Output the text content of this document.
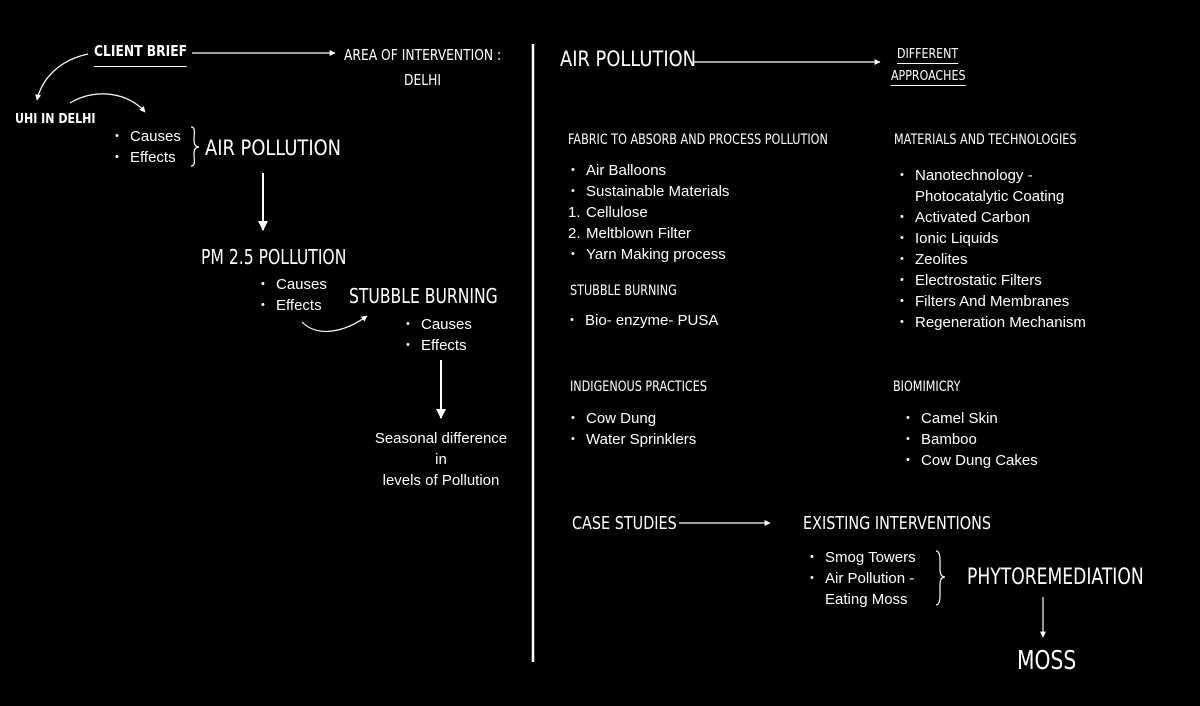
CLIENT BRIEF	AREA OF INTERVENTION :
DELHI
UHI IN DELHI
• Causes
• Effects AIR POLLUTION
PM 2.5 POLLUTION
• Causes
• Effects STUBBLE BURNING
• Causes
• Effects
Seasonal difference
in
levels of Pollution
AIR POLLUTION	DIFFERENT
APPROACHES
FABRIC TO ABSORB AND PROCESS POLLUTION
• Air Balloons
• Sustainable Materials
1. Cellulose
2. Meltblown Filter
• Yarn Making process
STUBBLE BURNING
• Bio- enzyme- PUSA
MATERIALS AND TECHNOLOGIES
• Nanotechnology -
Photocatalytic Coating
• Activated Carbon
• Ionic Liquids
• Zeolites
• Electrostatic Filters
• Filters And Membranes
• Regeneration Mechanism
INDIGENOUS PRACTICES
• Cow Dung
• Water Sprinklers
BIOMIMICRY
• Camel Skin
• Bamboo
• Cow Dung Cakes
CASE STUDIES	EXISTING INTERVENTIONS
• Smog Towers
• Air Pollution -
Eating Moss
PHYTOREMEDIATION
MOSS
